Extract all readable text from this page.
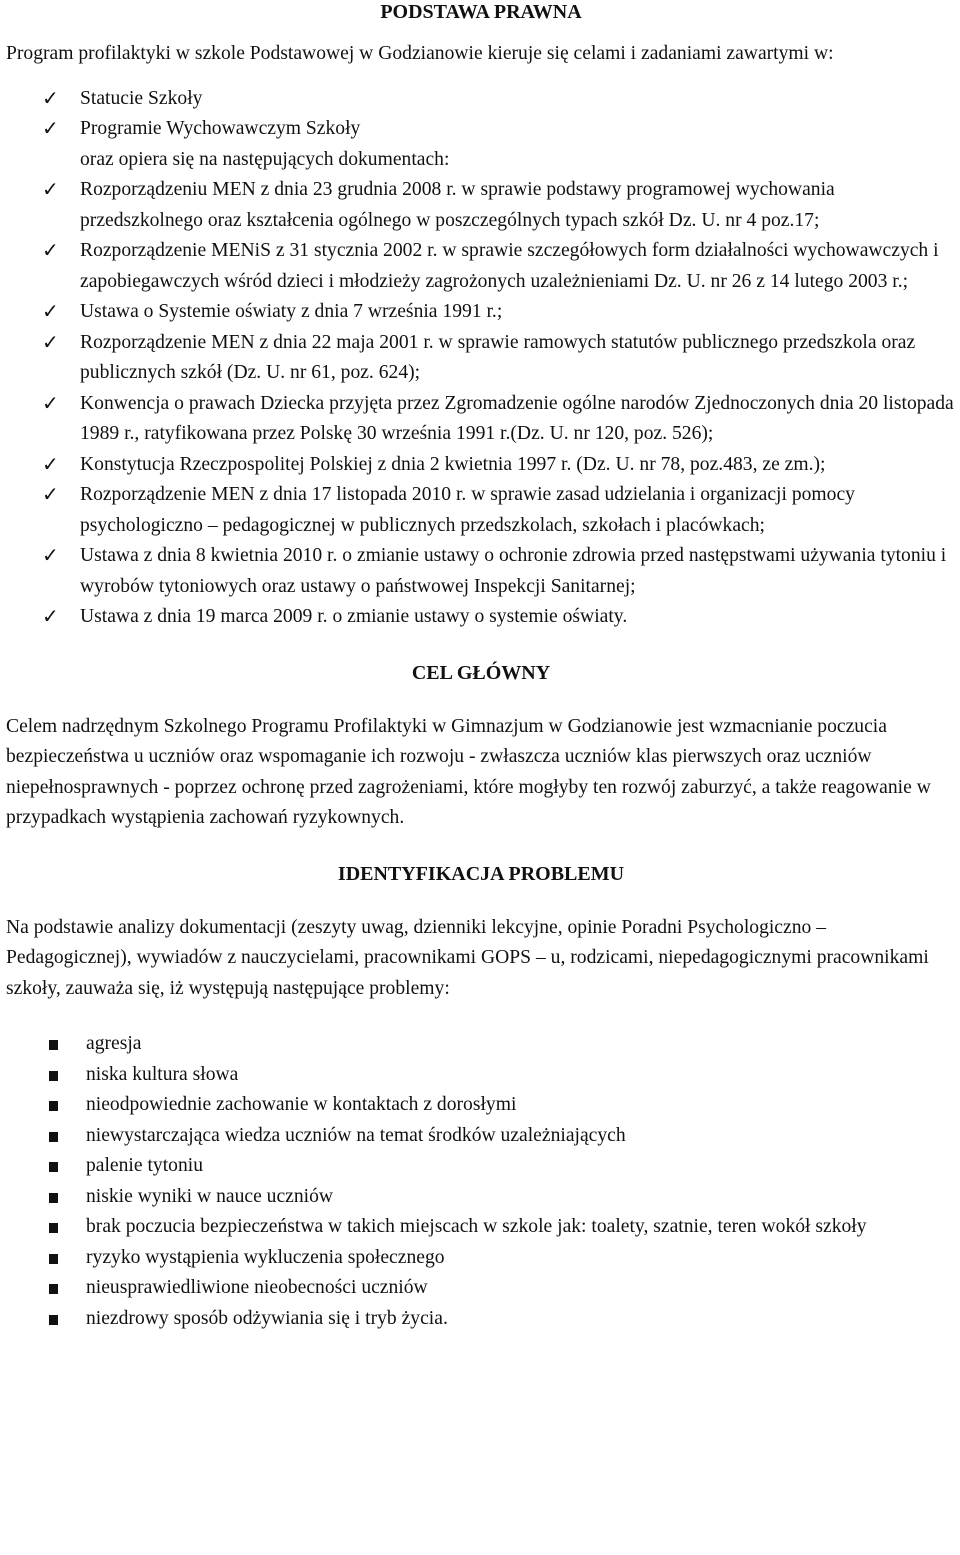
PODSTAWA PRAWNA

Program profilaktyki w szkole Podstawowej w Godzianowie kieruje się celami i zadaniami zawartymi w:

✓ Statucie Szkoły
✓ Programie Wychowawczym Szkoły

oraz opiera się na następujących dokumentach:

✓ Rozporządzeniu MEN z dnia 23 grudnia 2008 r. w sprawie podstawy programowej wychowania przedszkolnego oraz kształcenia ogólnego w poszczególnych typach szkół Dz. U. nr 4 poz.17;
✓ Rozporządzenie MENiS z 31 stycznia 2002 r. w sprawie szczegółowych form działalności wychowawczych i zapobiegawczych wśród dzieci i młodzieży zagrożonych uzależnieniami Dz. U. nr 26 z 14 lutego 2003 r.;
✓ Ustawa o Systemie oświaty z dnia 7 września 1991 r.;
✓ Rozporządzenie MEN z dnia 22 maja 2001 r. w sprawie ramowych statutów publicznego przedszkola oraz publicznych szkół (Dz. U. nr 61, poz. 624);
✓ Konwencja o prawach Dziecka przyjęta przez Zgromadzenie ogólne narodów Zjednoczonych dnia 20 listopada 1989 r., ratyfikowana przez Polskę 30 września 1991 r.(Dz. U. nr 120, poz. 526);
✓ Konstytucja Rzeczpospolitej Polskiej z dnia 2 kwietnia 1997 r. (Dz. U. nr 78, poz.483, ze zm.);
✓ Rozporządzenie MEN z dnia 17 listopada 2010 r. w sprawie zasad udzielania i organizacji pomocy psychologiczno – pedagogicznej w publicznych przedszkolach, szkołach i placówkach;
✓ Ustawa z dnia 8 kwietnia 2010 r. o zmianie ustawy o ochronie zdrowia przed następstwami używania tytoniu i wyrobów tytoniowych oraz ustawy o państwowej Inspekcji Sanitarnej;
✓ Ustawa z dnia 19 marca 2009 r. o zmianie ustawy o systemie oświaty.
CEL GŁÓWNY

Celem nadrzędnym Szkolnego Programu Profilaktyki w Gimnazjum w Godzianowie jest wzmacnianie poczucia bezpieczeństwa u uczniów oraz wspomaganie ich rozwoju - zwłaszcza uczniów klas pierwszych oraz uczniów niepełnosprawnych - poprzez ochronę przed zagrożeniami, które mogłyby ten rozwój zaburzyć, a także reagowanie w przypadkach wystąpienia zachowań ryzykownych.

IDENTYFIKACJA PROBLEMU

Na podstawie analizy dokumentacji (zeszyty uwag, dzienniki lekcyjne, opinie Poradni Psychologiczno – Pedagogicznej), wywiadów z nauczycielami, pracownikami GOPS – u, rodzicami, niepedagogicznymi pracownikami szkoły, zauważa się, iż występują następujące problemy:

agresja
niska kultura słowa
nieodpowiednie zachowanie w kontaktach z dorosłymi
niewystarczająca wiedza uczniów na temat środków uzależniających
palenie tytoniu
niskie wyniki w nauce uczniów
brak poczucia bezpieczeństwa w takich miejscach w szkole jak: toalety, szatnie, teren wokół szkoły
ryzyko wystąpienia wykluczenia społecznego
nieusprawiedliwione nieobecności uczniów
niezdrowy sposób odżywiania się i tryb życia.
